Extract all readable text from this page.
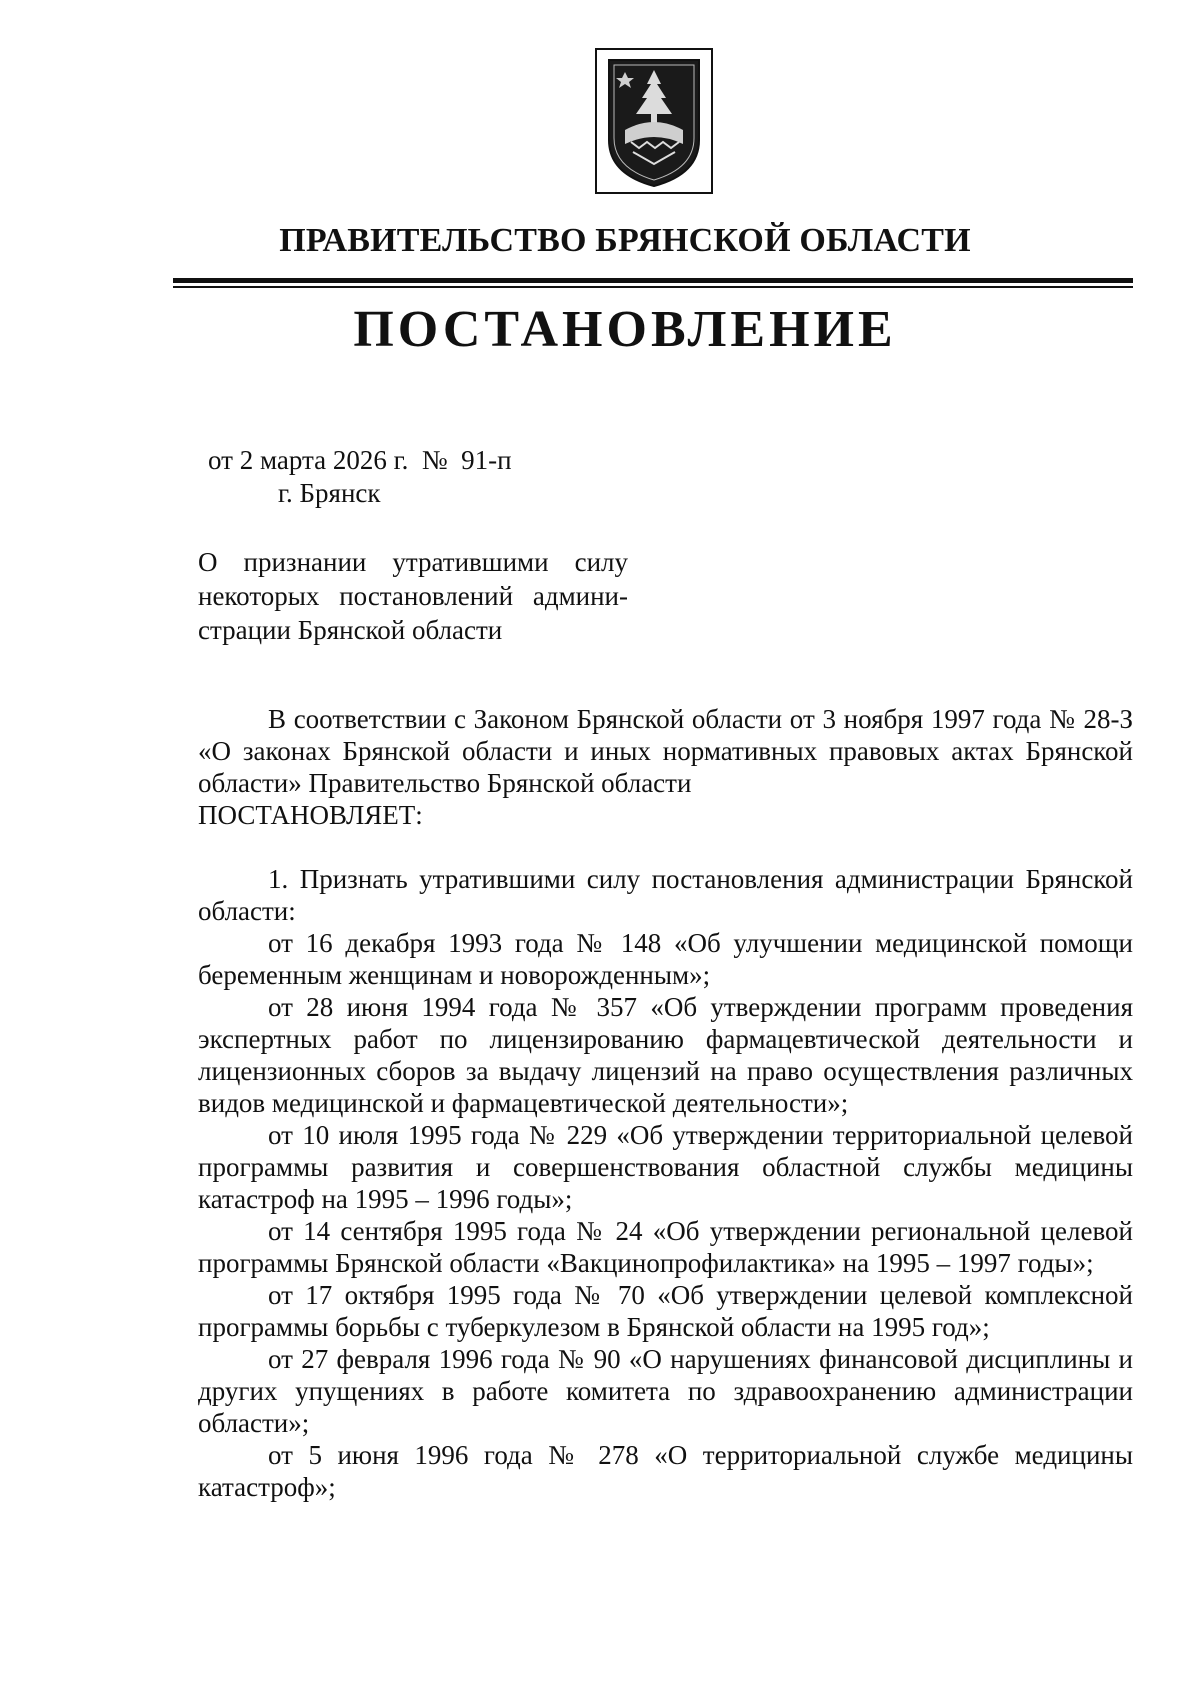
ПРАВИТЕЛЬСТВО БРЯНСКОЙ ОБЛАСТИ
ПОСТАНОВЛЕНИЕ
от 2 марта 2026 г.  №  91-п
г. Брянск
О признании утратившими силу
некоторых постановлений админи-
страции Брянской области

В соответствии с Законом Брянской области от 3 ноября 1997 года № 28-З «О законах Брянской области и иных нормативных правовых актах Брянской области» Правительство Брянской области

ПОСТАНОВЛЯЕТ:

1. Признать утратившими силу постановления администрации Брянской области:

от 16 декабря 1993 года № 148 «Об улучшении медицинской помощи беременным женщинам и новорожденным»;

от 28 июня 1994 года № 357 «Об утверждении программ проведения экспертных работ по лицензированию фармацевтической деятельности и лицензионных сборов за выдачу лицензий на право осуществления различных видов медицинской и фармацевтической деятельности»;

от 10 июля 1995 года № 229 «Об утверждении территориальной целевой программы развития и совершенствования областной службы медицины катастроф на 1995 – 1996 годы»;

от 14 сентября 1995 года № 24 «Об утверждении региональной целевой программы Брянской области «Вакцинопрофилактика» на 1995 – 1997 годы»;

от 17 октября 1995 года № 70 «Об утверждении целевой комплексной программы борьбы с туберкулезом в Брянской области на 1995 год»;

от 27 февраля 1996 года № 90 «О нарушениях финансовой дисциплины и других упущениях в работе комитета по здравоохранению администрации области»;

от 5 июня 1996 года № 278 «О территориальной службе медицины катастроф»;
